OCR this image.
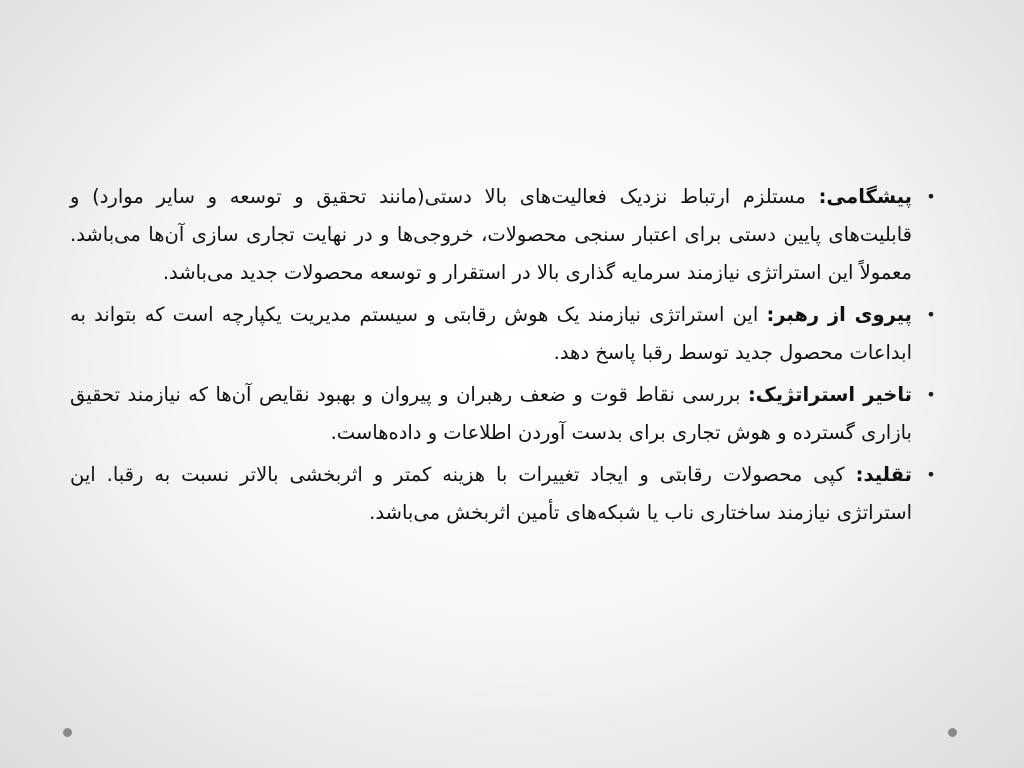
•
پیشگامی: مستلزم ارتباط نزدیک فعالیت‌های بالا دستی(مانند تحقیق و توسعه و سایر موارد) و قابلیت‌های پایین دستی برای اعتبار سنجی محصولات، خروجی‌ها و در نهایت تجاری سازی آن‌ها می‌باشد. معمولاً این استراتژی نیازمند سرمایه گذاری بالا در استقرار و توسعه محصولات جدید می‌باشد.
•
پیروی از رهبر: این استراتژی نیازمند یک هوش رقابتی و سیستم مدیریت یکپارچه است که بتواند به ابداعات محصول جدید توسط رقبا پاسخ دهد.
•
تاخیر استراتژیک: بررسی نقاط قوت و ضعف رهبران و پیروان و بهبود نقایص آن‌ها که نیازمند تحقیق بازاری گسترده و هوش تجاری برای بدست آوردن اطلاعات و داده‌هاست.
•
تقلید: کپی محصولات رقابتی و ایجاد تغییرات با هزینه کمتر و اثربخشی بالاتر نسبت به رقبا. این استراتژی نیازمند ساختاری ناب یا شبکه‌های تأمین اثربخش می‌باشد.
